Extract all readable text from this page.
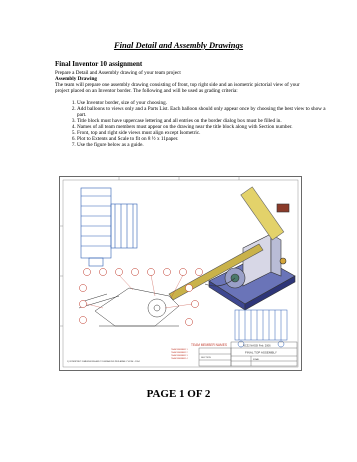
Final Detail and Assembly Drawings
Final Inventor 10 assignment
Prepare a Detail and Assembly drawing of your team project
Assembly Drawing
The team will prepare one assembly drawing consisting of front, top right side and an isometric pictorial view of your project placed on an Inventor border. The following and will be used as grading criteria:
1. Use Inventor border, size of your choosing.
2. Add balloons to views only and a Parts List. Each balloon should only appear once by choosing the best view to show a part.
3. Title block must have uppercase lettering and all entries on the border dialog box must be filled in.
4. Names of all team members must appear on the drawing near the title block along with Section number.
5. Front, top and right side views must align except Isometric.
6. Plot to Extents and Scale to fit on 8 ½ x 11paper.
7. Use the figure below as a guide.
TEAM MEMBER NAMES
TEAM MEMBER 1
TEAM MEMBER 2
TEAM MEMBER 3
TEAM MEMBER 4
1) INTERPRET DIMENSIONS AND TOLERANCES PER ASME Y14.5M - 1994
NC32 NASSI Feb. 2006
FINAL TOP ASSEMBLY
SECTION
FINAL
PAGE 1 OF 2
